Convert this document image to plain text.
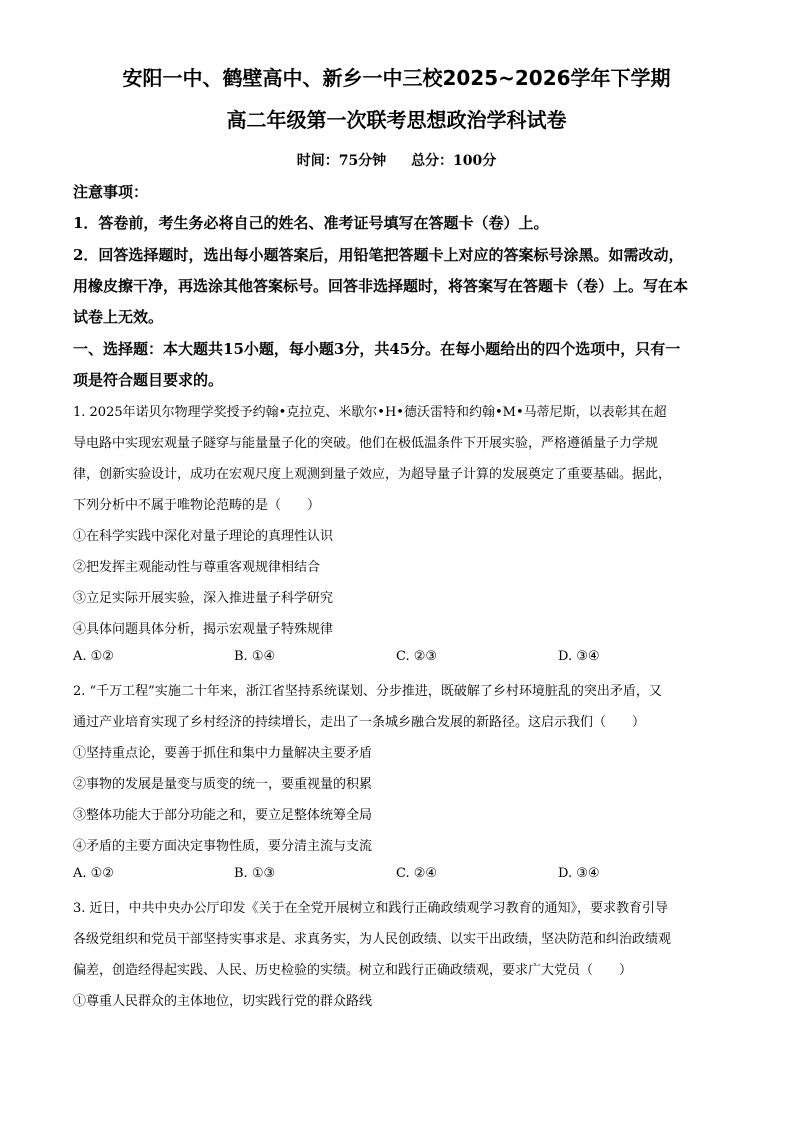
安阳一中、鹤壁高中、新乡一中三校2025~2026学年下学期
高二年级第一次联考思想政治学科试卷
时间：75分钟 总分：100分
注意事项：
1．答卷前，考生务必将自己的姓名、准考证号填写在答题卡（卷）上。
2．回答选择题时，选出每小题答案后，用铅笔把答题卡上对应的答案标号涂黑。如需改动，
用橡皮擦干净，再选涂其他答案标号。回答非选择题时，将答案写在答题卡（卷）上。写在本
试卷上无效。
一、选择题：本大题共15小题，每小题3分，共45分。在每小题给出的四个选项中，只有一
项是符合题目要求的。
1. 2025年诺贝尔物理学奖授予约翰•克拉克、米歇尔•H•德沃雷特和约翰•M•马蒂尼斯，以表彰其在超
导电路中实现宏观量子隧穿与能量量子化的突破。他们在极低温条件下开展实验，严格遵循量子力学规
律，创新实验设计，成功在宏观尺度上观测到量子效应，为超导量子计算的发展奠定了重要基础。据此，
下列分析中不属于唯物论范畴的是（　　）
①在科学实践中深化对量子理论的真理性认识
②把发挥主观能动性与尊重客观规律相结合
③立足实际开展实验，深入推进量子科学研究
④具体问题具体分析，揭示宏观量子特殊规律
A. ①②	B. ①④	C. ②③	D. ③④
2. “千万工程”实施二十年来，浙江省坚持系统谋划、分步推进，既破解了乡村环境脏乱的突出矛盾，又
通过产业培育实现了乡村经济的持续增长，走出了一条城乡融合发展的新路径。这启示我们（　　）
①坚持重点论，要善于抓住和集中力量解决主要矛盾
②事物的发展是量变与质变的统一，要重视量的积累
③整体功能大于部分功能之和，要立足整体统筹全局
④矛盾的主要方面决定事物性质，要分清主流与支流
A. ①②	B. ①③	C. ②④	D. ③④
3. 近日，中共中央办公厅印发《关于在全党开展树立和践行正确政绩观学习教育的通知》，要求教育引导
各级党组织和党员干部坚持实事求是、求真务实，为人民创政绩、以实干出政绩，坚决防范和纠治政绩观
偏差，创造经得起实践、人民、历史检验的实绩。树立和践行正确政绩观，要求广大党员（　　）
①尊重人民群众的主体地位，切实践行党的群众路线
